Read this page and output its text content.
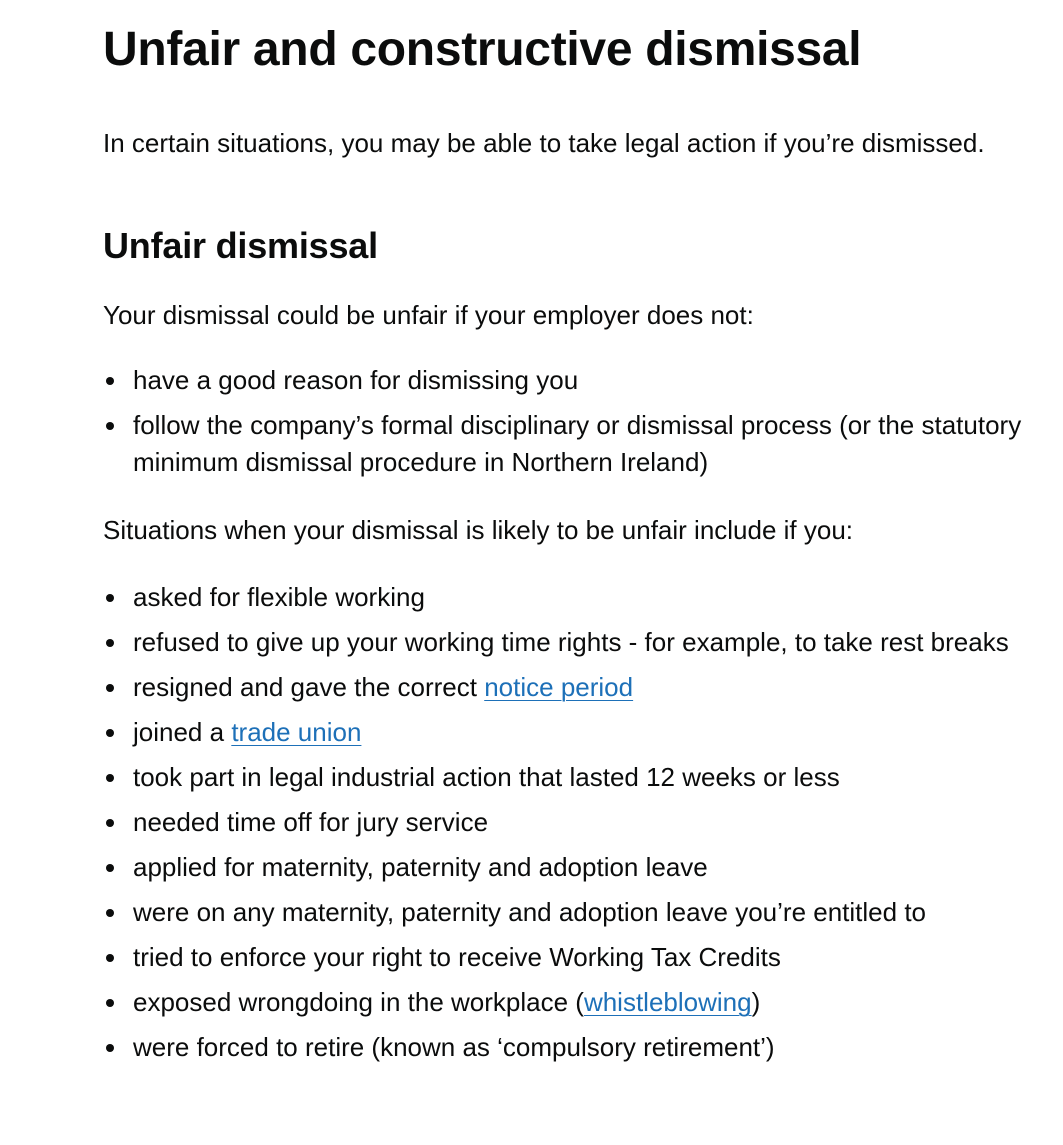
Unfair and constructive dismissal

In certain situations, you may be able to take legal action if you’re dismissed.

Unfair dismissal

Your dismissal could be unfair if your employer does not:

have a good reason for dismissing you
follow the company’s formal disciplinary or dismissal process (or the statutory minimum dismissal procedure in Northern Ireland)

Situations when your dismissal is likely to be unfair include if you:

asked for flexible working
refused to give up your working time rights - for example, to take rest breaks
resigned and gave the correct notice period
joined a trade union
took part in legal industrial action that lasted 12 weeks or less
needed time off for jury service
applied for maternity, paternity and adoption leave
were on any maternity, paternity and adoption leave you’re entitled to
tried to enforce your right to receive Working Tax Credits
exposed wrongdoing in the workplace (whistleblowing)
were forced to retire (known as ‘compulsory retirement’)
